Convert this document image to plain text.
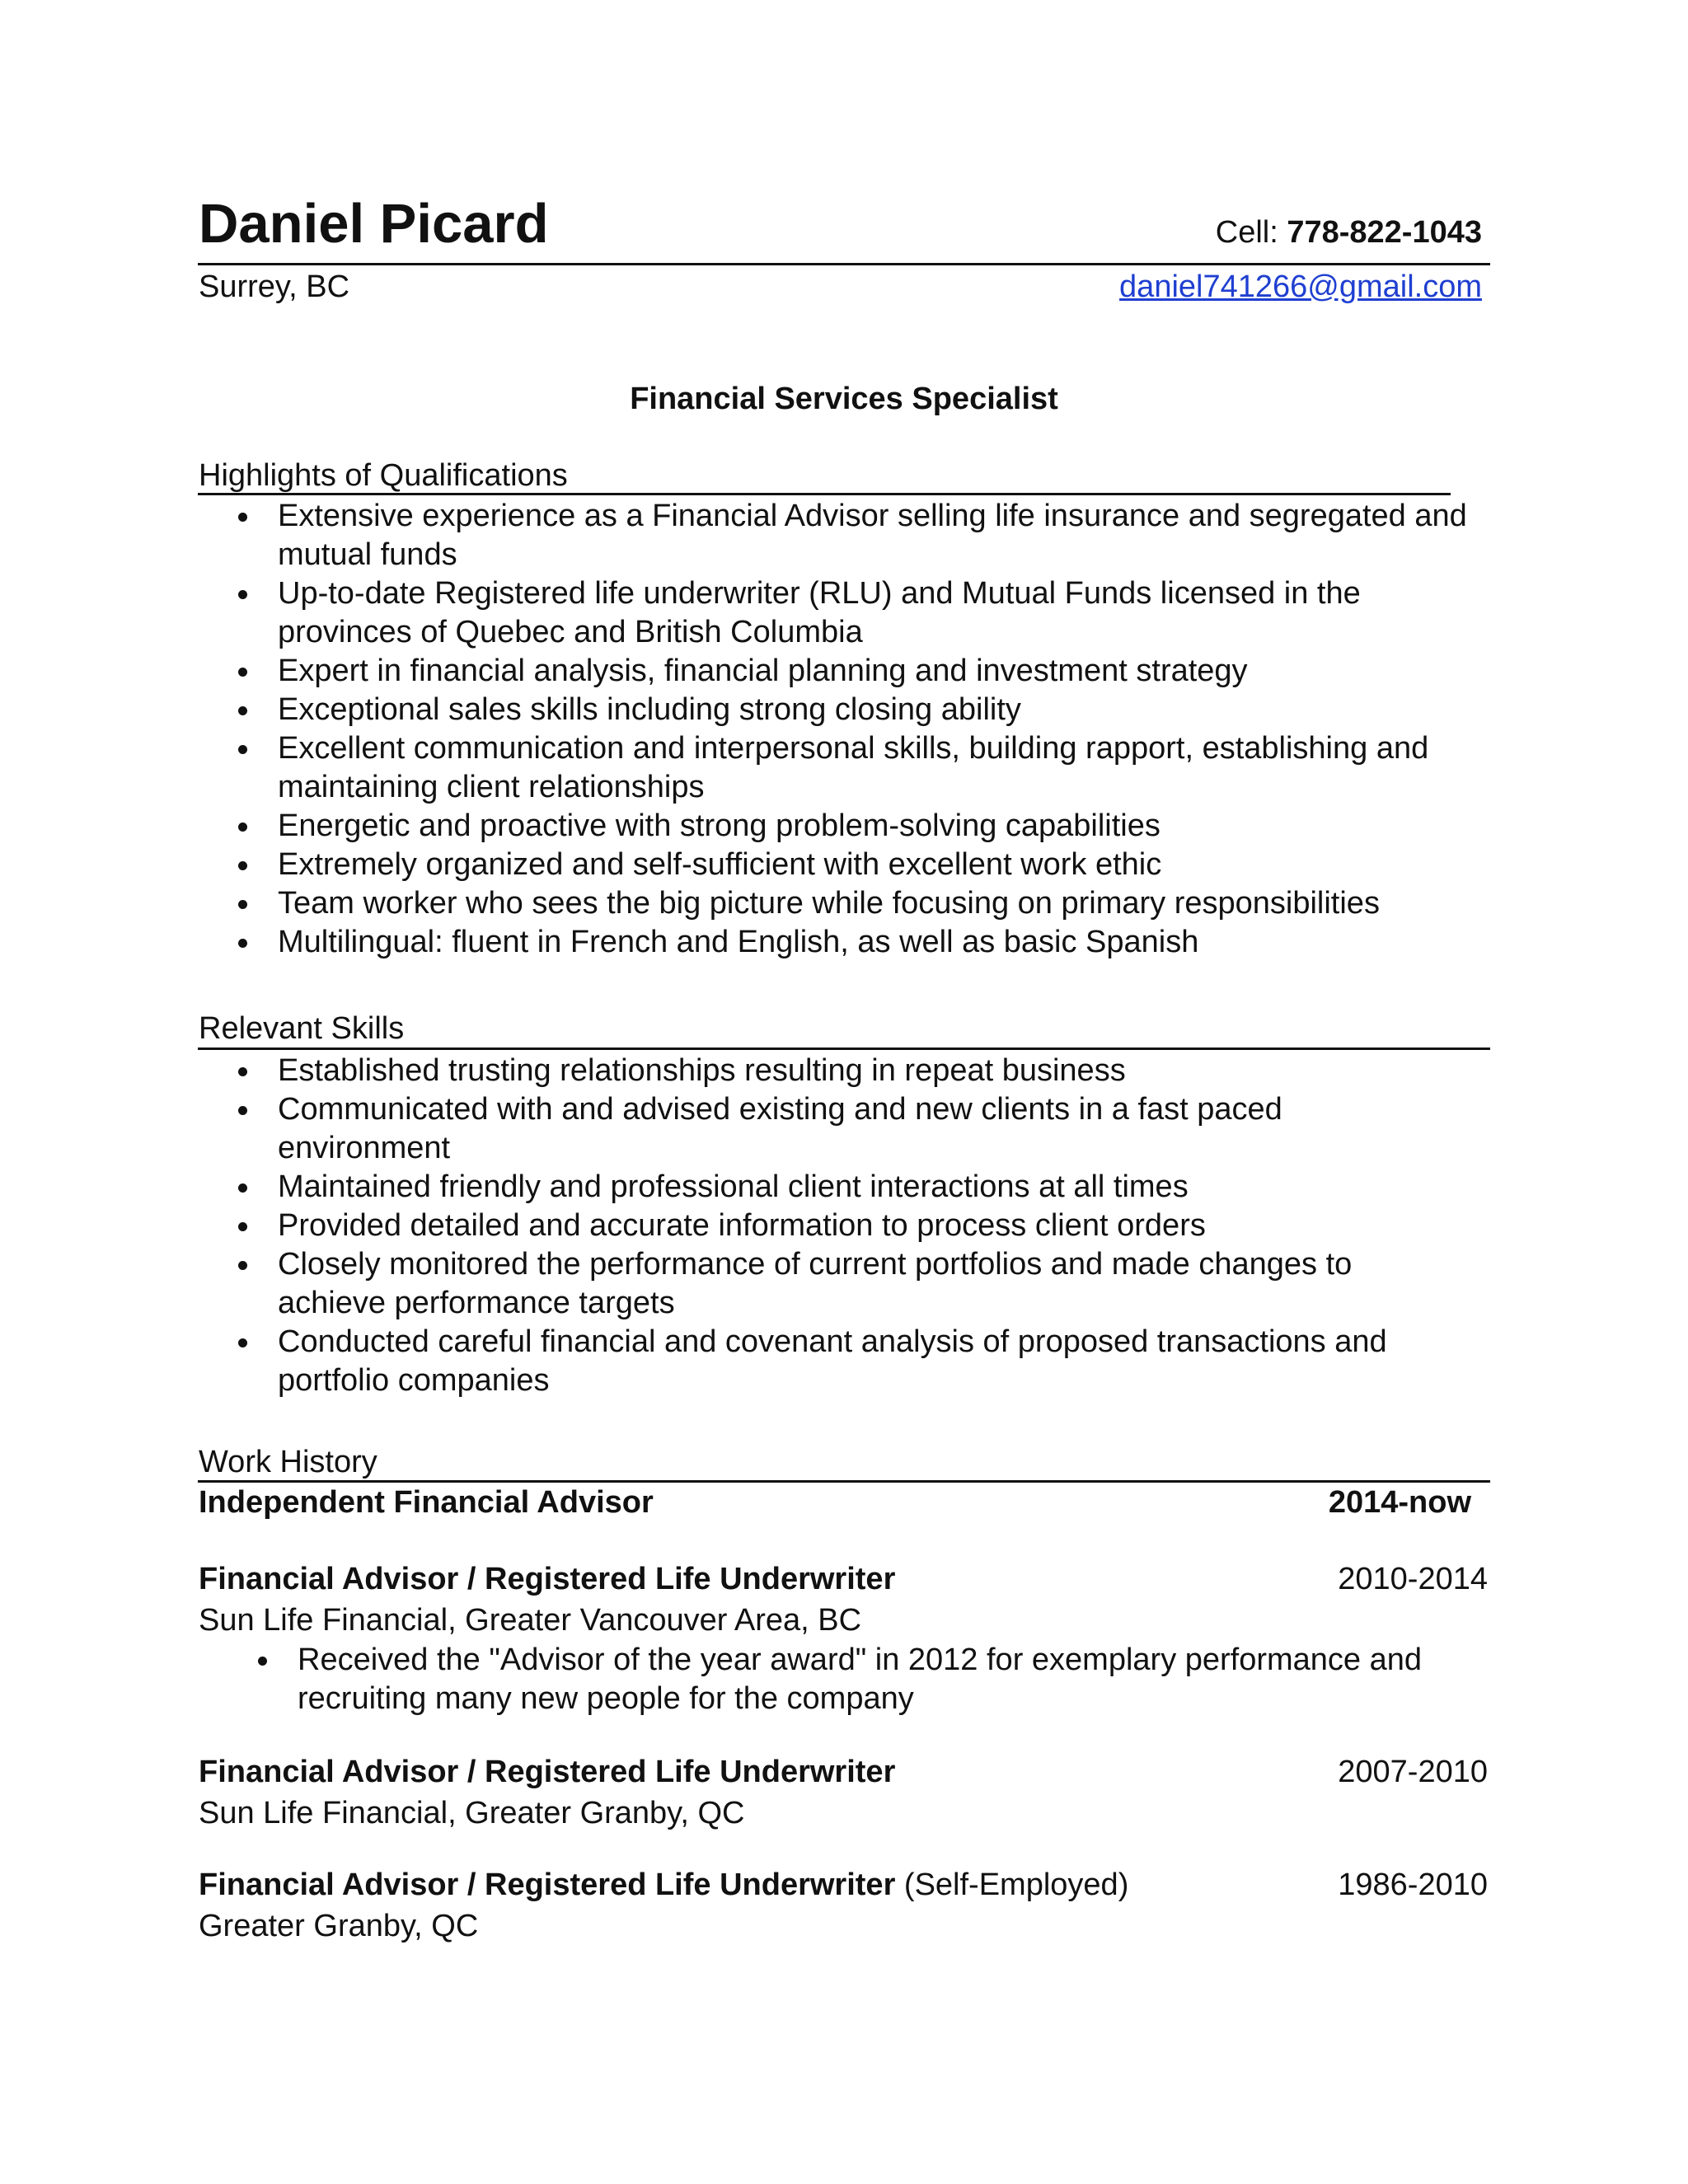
Daniel Picard	Cell: 778-822-1043
Surrey, BC	daniel741266@gmail.com
Financial Services Specialist
Highlights of Qualifications
Extensive experience as a Financial Advisor selling life insurance and segregated and mutual funds
Up-to-date Registered life underwriter (RLU) and Mutual Funds licensed in the provinces of Quebec and British Columbia
Expert in financial analysis, financial planning and investment strategy
Exceptional sales skills including strong closing ability
Excellent communication and interpersonal skills, building rapport, establishing and maintaining client relationships
Energetic and proactive with strong problem-solving capabilities
Extremely organized and self-sufficient with excellent work ethic
Team worker who sees the big picture while focusing on primary responsibilities
Multilingual: fluent in French and English, as well as basic Spanish
Relevant Skills
Established trusting relationships resulting in repeat business
Communicated with and advised existing and new clients in a fast paced environment
Maintained friendly and professional client interactions at all times
Provided detailed and accurate information to process client orders
Closely monitored the performance of current portfolios and made changes to achieve performance targets
Conducted careful financial and covenant analysis of proposed transactions and portfolio companies
Work History
Independent Financial Advisor	2014-now
Financial Advisor / Registered Life Underwriter	2010-2014
Sun Life Financial, Greater Vancouver Area, BC
Received the "Advisor of the year award" in 2012 for exemplary performance and recruiting many new people for the company
Financial Advisor / Registered Life Underwriter	2007-2010
Sun Life Financial, Greater Granby, QC
Financial Advisor / Registered Life Underwriter (Self-Employed)	1986-2010
Greater Granby, QC
